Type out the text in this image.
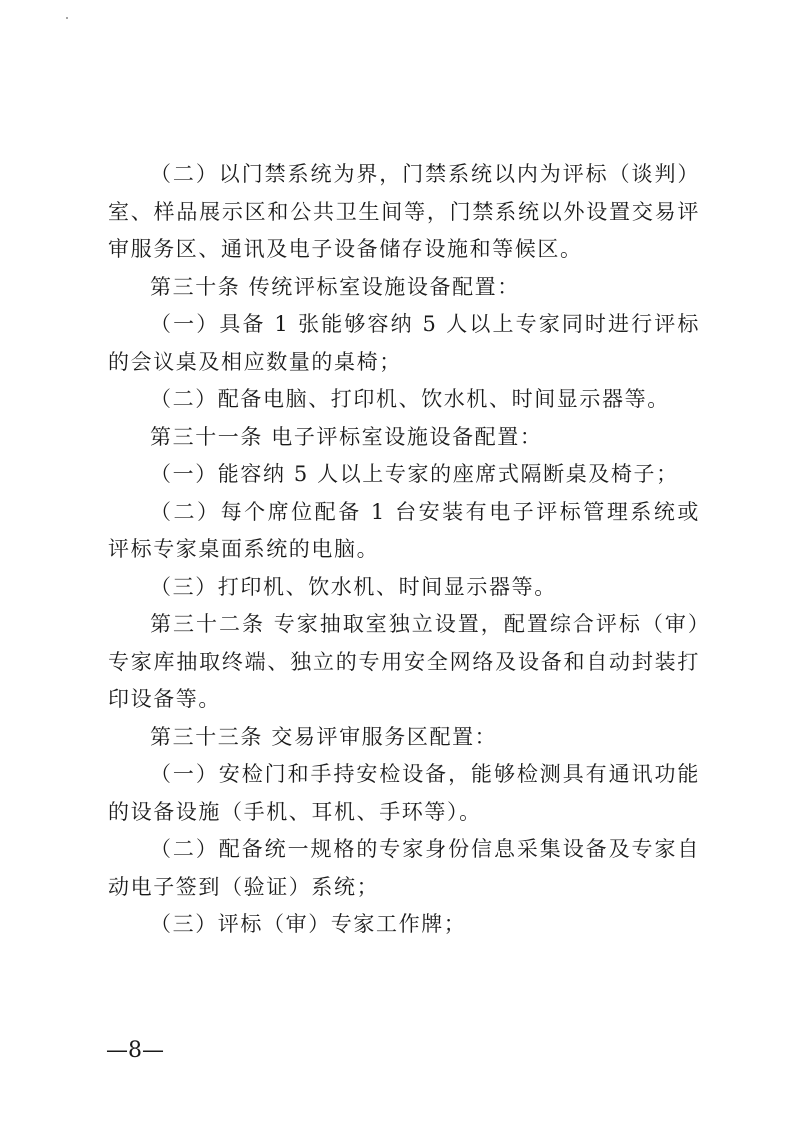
（二）以门禁系统为界，门禁系统以内为评标（谈判）室、样品展示区和公共卫生间等，门禁系统以外设置交易评审服务区、通讯及电子设备储存设施和等候区。

第三十条 传统评标室设施设备配置：

（一）具备 1 张能够容纳 5 人以上专家同时进行评标的会议桌及相应数量的桌椅；

（二）配备电脑、打印机、饮水机、时间显示器等。

第三十一条 电子评标室设施设备配置：

（一）能容纳 5 人以上专家的座席式隔断桌及椅子；

（二）每个席位配备 1 台安装有电子评标管理系统或评标专家桌面系统的电脑。

（三）打印机、饮水机、时间显示器等。

第三十二条 专家抽取室独立设置，配置综合评标（审）专家库抽取终端、独立的专用安全网络及设备和自动封装打印设备等。

第三十三条 交易评审服务区配置：

（一）安检门和手持安检设备，能够检测具有通讯功能的设备设施（手机、耳机、手环等）。

（二）配备统一规格的专家身份信息采集设备及专家自动电子签到（验证）系统；

（三）评标（审）专家工作牌；

—8—
